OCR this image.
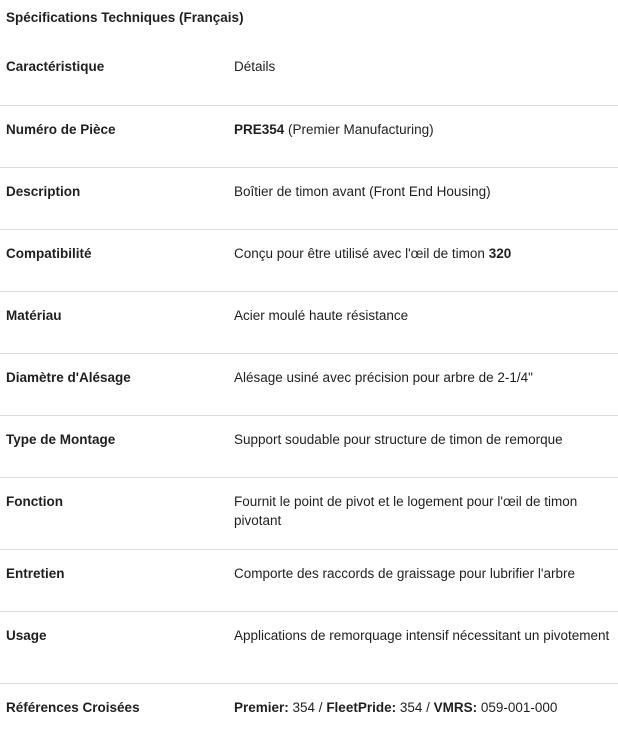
Spécifications Techniques (Français)
Caractéristique	Détails
Numéro de Pièce	PRE354 (Premier Manufacturing)
Description	Boîtier de timon avant (Front End Housing)
Compatibilité	Conçu pour être utilisé avec l'œil de timon 320
Matériau	Acier moulé haute résistance
Diamètre d'Alésage	Alésage usiné avec précision pour arbre de 2-1/4"
Type de Montage	Support soudable pour structure de timon de remorque
Fonction	Fournit le point de pivot et le logement pour l'œil de timon pivotant
Entretien	Comporte des raccords de graissage pour lubrifier l'arbre
Usage	Applications de remorquage intensif nécessitant un pivotement
Références Croisées	Premier: 354 / FleetPride: 354 / VMRS: 059-001-000
